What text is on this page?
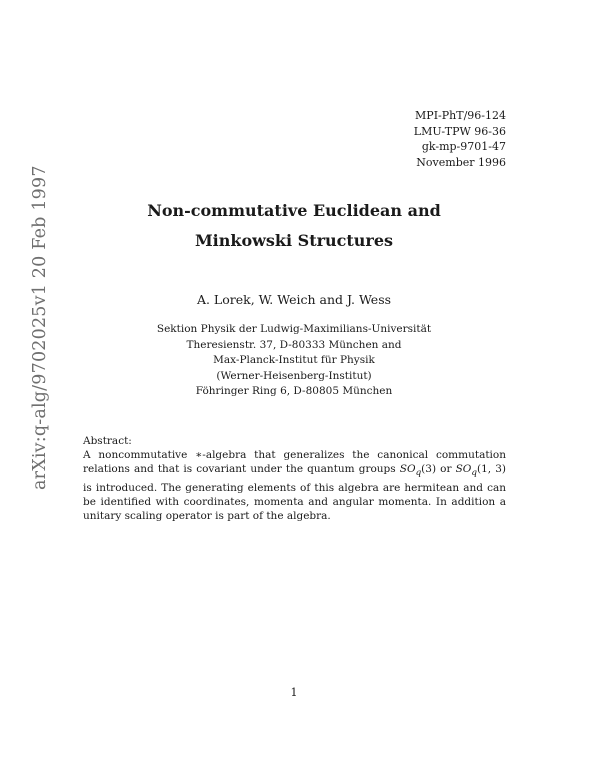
arXiv:q-alg/9702025v1 20 Feb 1997
MPI-PhT/96-124
LMU-TPW 96-36
gk-mp-9701-47
November 1996
Non-commutative Euclidean and
Minkowski Structures
A. Lorek, W. Weich and J. Wess
Sektion Physik der Ludwig-Maximilians-Universität
Theresienstr. 37, D-80333 München and
Max-Planck-Institut für Physik
(Werner-Heisenberg-Institut)
Föhringer Ring 6, D-80805 München
Abstract:

A noncommutative ∗-algebra that generalizes the canonical commutation relations and that is covariant under the quantum groups $SO_q(3)$ or $SO_q(1$, 3) is introduced. The generating elements of this algebra are hermitean and can be identified with coordinates, momenta and angular momenta. In addition a unitary scaling operator is part of the algebra.

1
